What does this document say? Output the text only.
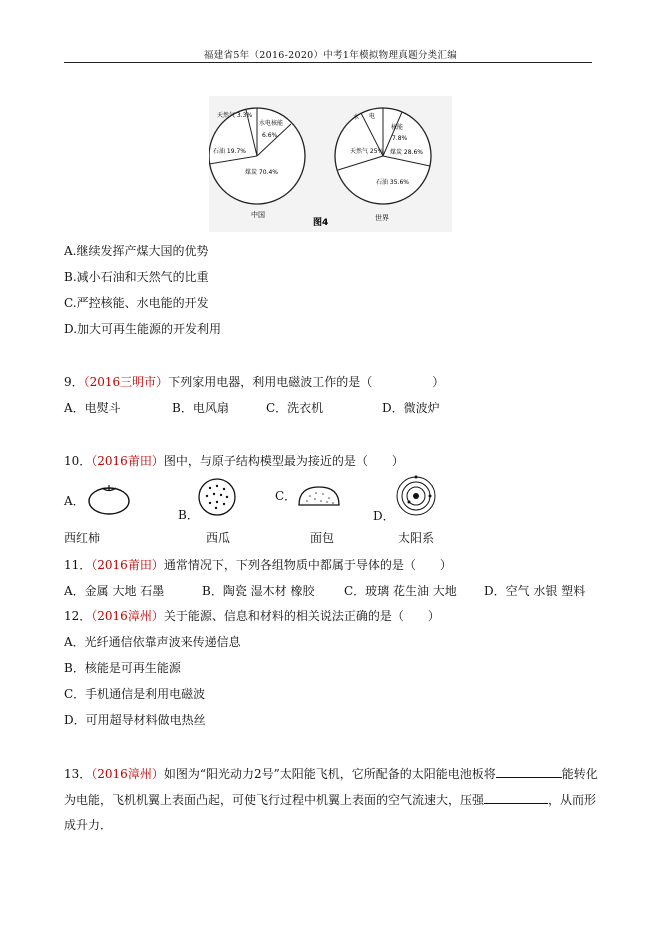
福建省5年（2016-2020）中考1年模拟物理真题分类汇编
天然气 3.3%
水电核能
6.6%
石油 19.7%
煤炭 70.4%
中国
水 电
核能
7.8%
天然气 25% 煤炭 28.6%
石油 35.6%
世界
图4
A.继续发挥产煤大国的优势
B.减小石油和天然气的比重
C.严控核能、水电能的开发
D.加大可再生能源的开发利用
9．（2016三明市）下列家用电器，利用电磁波工作的是（　　　　　）
A．电熨斗	B．电风扇	C．洗衣机	D．微波炉
10．（2016莆田）图中，与原子结构模型最为接近的是（　　）
A．
B．
C．
D．
西红柿	西瓜	面包	太阳系
11．（2016莆田）通常情况下，下列各组物质中都属于导体的是（　　）
A．金属 大地 石墨	B．陶瓷 湿木材 橡胶 C．玻璃 花生油 大地 D．空气 水银 塑料
12．（2016漳州）关于能源、信息和材料的相关说法正确的是（　　）
A．光纤通信依靠声波来传递信息
B．核能是可再生能源
C．手机通信是利用电磁波
D．可用超导材料做电热丝
13．（2016漳州）如图为“阳光动力2号”太阳能飞机，它所配备的太阳能电池板将	能转化
为电能，飞机机翼上表面凸起，可使飞行过程中机翼上表面的空气流速大，压强	，从而形
成升力．
